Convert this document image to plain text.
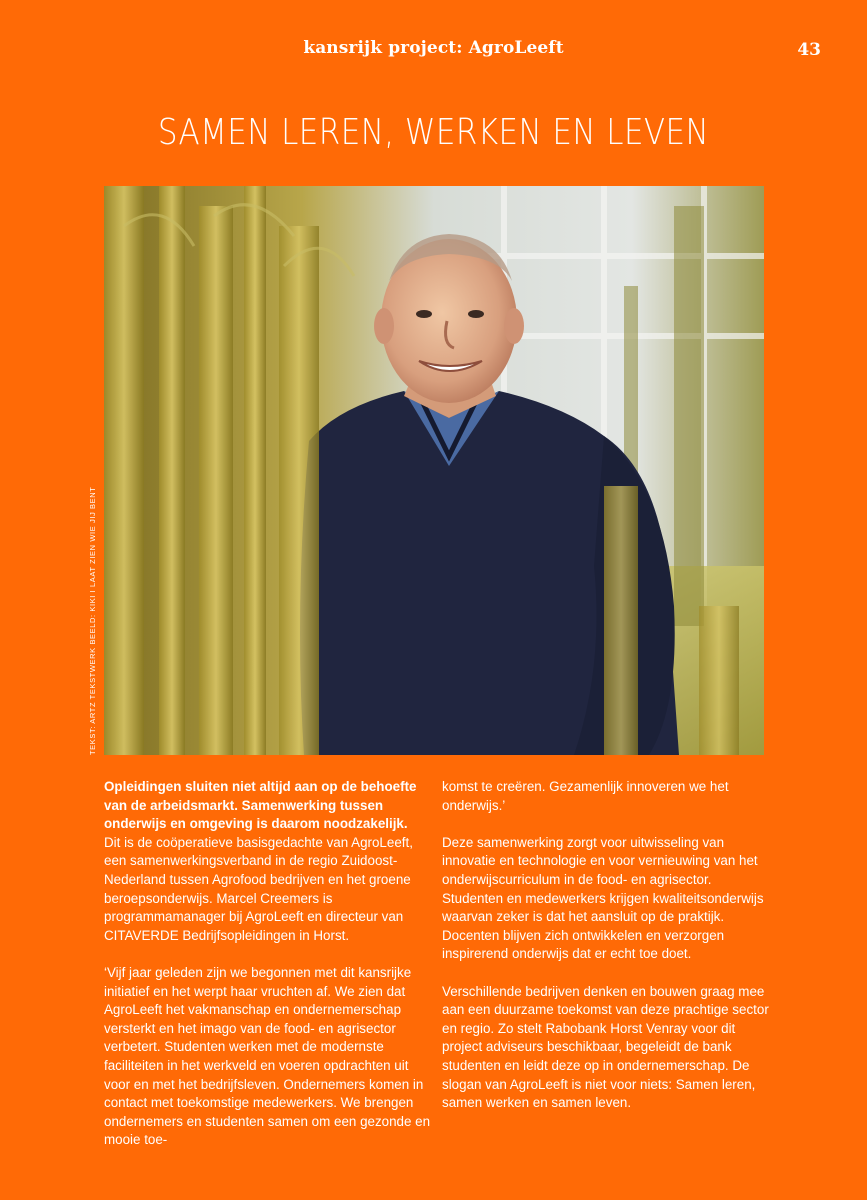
kansrijk project: AgroLeeft	43
SAMEN LEREN, WERKEN EN LEVEN
TEKST: ARTZ TEKSTWERK BEELD: KIKI I LAAT ZIEN WIE JIJ BENT

Opleidingen sluiten niet altijd aan op de behoefte van de arbeidsmarkt. Samenwerking tussen onderwijs en omgeving is daarom noodzakelijk.

Dit is de coöperatieve basisgedachte van AgroLeeft, een samenwerkingsverband in de regio Zuidoost-Nederland tussen Agrofood bedrijven en het groene beroepsonderwijs. Marcel Creemers is programmamanager bij AgroLeeft en directeur van CITAVERDE Bedrijfsopleidingen in Horst.

‘Vijf jaar geleden zijn we begonnen met dit kansrijke initiatief en het werpt haar vruchten af. We zien dat AgroLeeft het vakmanschap en ondernemerschap versterkt en het imago van de food- en agrisector verbetert. Studenten werken met de modernste faciliteiten in het werkveld en voeren opdrachten uit voor en met het bedrijfsleven. Ondernemers komen in contact met toekomstige medewerkers. We brengen ondernemers en studenten samen om een gezonde en mooie toe-

komst te creëren. Gezamenlijk innoveren we het onderwijs.’

Deze samenwerking zorgt voor uitwisseling van innovatie en technologie en voor vernieuwing van het onderwijscurriculum in de food- en agrisector. Studenten en medewerkers krijgen kwaliteitsonderwijs waarvan zeker is dat het aansluit op de praktijk. Docenten blijven zich ontwikkelen en verzorgen inspirerend onderwijs dat er echt toe doet.

Verschillende bedrijven denken en bouwen graag mee aan een duurzame toekomst van deze prachtige sector en regio. Zo stelt Rabobank Horst Venray voor dit project adviseurs beschikbaar, begeleidt de bank studenten en leidt deze op in ondernemerschap. De slogan van AgroLeeft is niet voor niets: Samen leren, samen werken en samen leven.
